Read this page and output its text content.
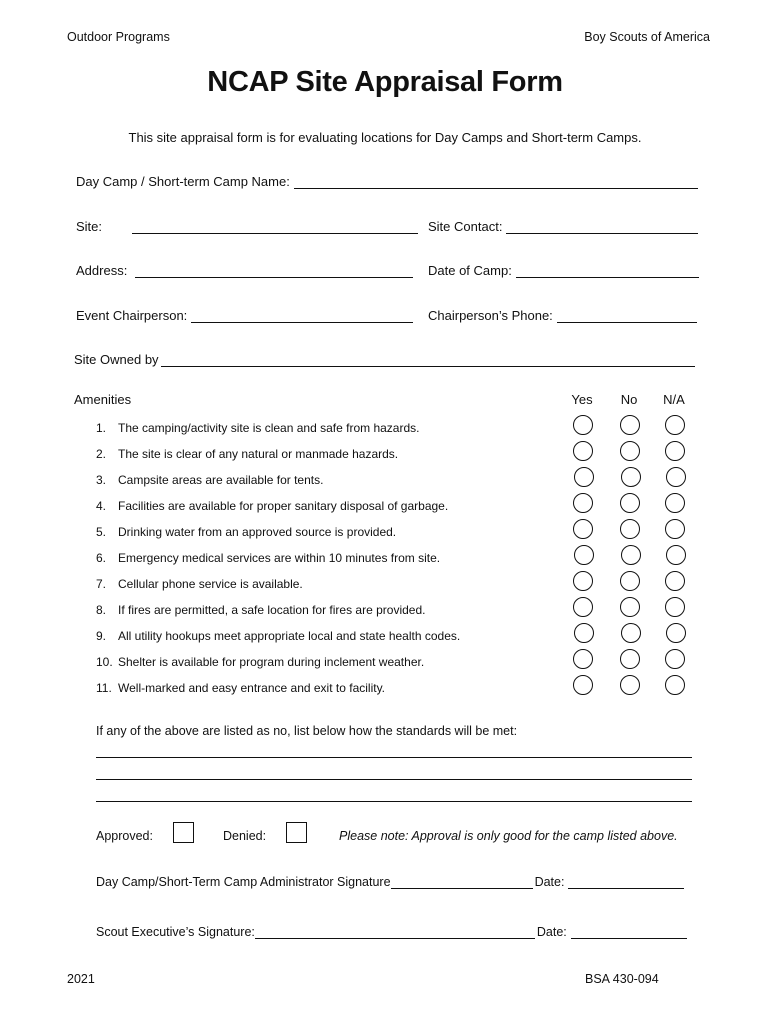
Outdoor Programs	Boy Scouts of America
NCAP Site Appraisal Form
This site appraisal form is for evaluating locations for Day Camps and Short-term Camps.
Day Camp / Short-term Camp Name:
Site:	Site Contact:
Address:	Date of Camp:
Event Chairperson:	Chairperson’s Phone:
Site Owned by
Amenities	Yes	No	N/A
1. The camping/activity site is clean and safe from hazards.
2. The site is clear of any natural or manmade hazards.
3. Campsite areas are available for tents.
4. Facilities are available for proper sanitary disposal of garbage.
5. Drinking water from an approved source is provided.
6. Emergency medical services are within 10 minutes from site.
7. Cellular phone service is available.
8. If fires are permitted, a safe location for fires are provided.
9. All utility hookups meet appropriate local and state health codes.
10. Shelter is available for program during inclement weather.
11. Well-marked and easy entrance and exit to facility.
If any of the above are listed as no, list below how the standards will be met:
Approved:	Denied:	Please note: Approval is only good for the camp listed above.
Day Camp/Short-Term Camp Administrator Signature	Date:
Scout Executive’s Signature:	Date:
2021	BSA 430-094
